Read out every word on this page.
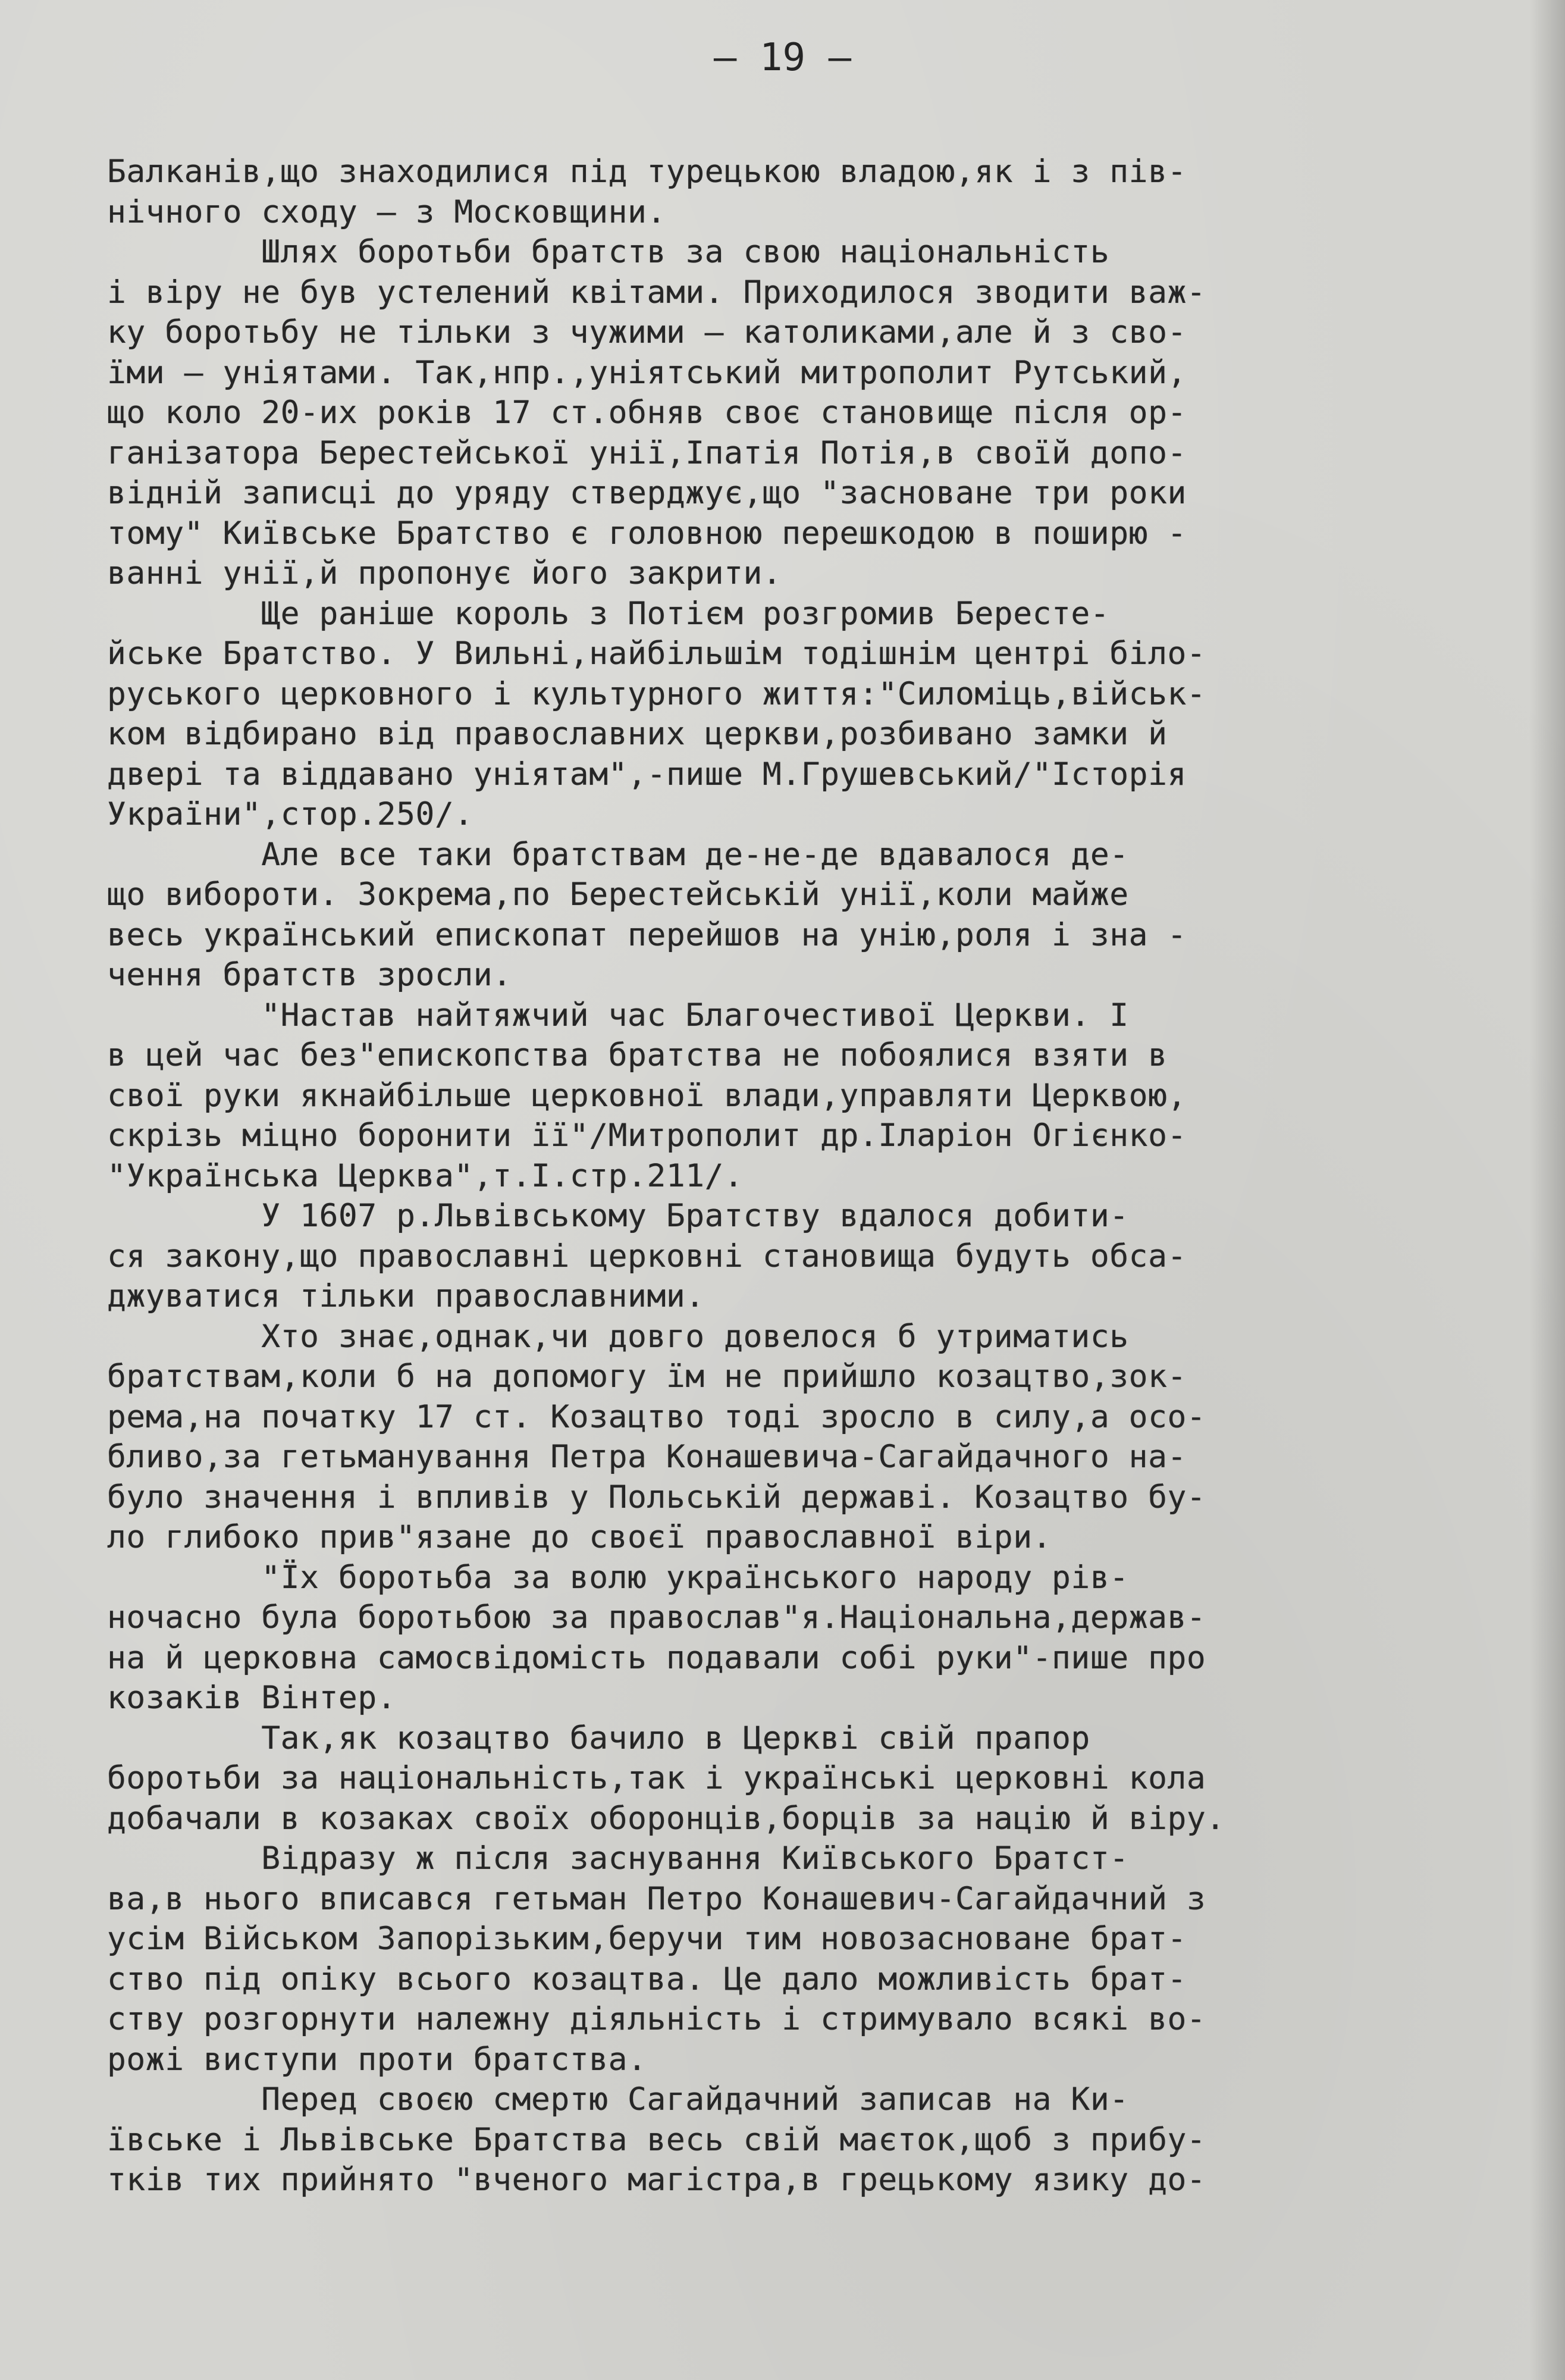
– 19 –

Балканів,що знаходилися під турецькою владою,як і з пів-
нічного сходу – з Московщини.
Шлях боротьби братств за свою національність
і віру не був устелений квітами. Приходилося зводити важ-
ку боротьбу не тільки з чужими – католиками,але й з сво-
їми – уніятами. Так,нпр.,уніятський митрополит Рутський,
що коло 20-их років 17 ст.обняв своє становище після ор-
ганізатора Берестейської унії,Іпатія Потія,в своїй допо-
відній записці до уряду стверджує,що "засноване три роки
тому" Київське Братство є головною перешкодою в поширю -
ванні унії,й пропонує його закрити.
Ще раніше король з Потієм розгромив Бересте-
йське Братство. У Вильні,найбільшім тодішнім центрі біло-
руського церковного і культурного життя:"Силоміць,військ-
ком відбирано від православних церкви,розбивано замки й
двері та віддавано уніятам",-пише М.Грушевський/"Історія
України",стор.250/.
Але все таки братствам де-не-де вдавалося де-
що вибороти. Зокрема,по Берестейській унії,коли майже
весь український епископат перейшов на унію,роля і зна -
чення братств зросли.
"Настав найтяжчий час Благочестивої Церкви. І
в цей час без"епископства братства не побоялися взяти в
свої руки якнайбільше церковної влади,управляти Церквою,
скрізь міцно боронити її"/Митрополит др.Іларіон Огієнко-
"Українська Церква",т.І.стр.211/.
У 1607 р.Львівському Братству вдалося добити-
ся закону,що православні церковні становища будуть обса-
джуватися тільки православними.
Хто знає,однак,чи довго довелося б утриматись
братствам,коли б на допомогу їм не прийшло козацтво,зок-
рема,на початку 17 ст. Козацтво тоді зросло в силу,а осо-
бливо,за гетьманування Петра Конашевича-Сагайдачного на-
було значення і впливів у Польській державі. Козацтво бу-
ло глибоко прив"язане до своєї православної віри.
"Їх боротьба за волю українського народу рів-
ночасно була боротьбою за православ"я.Національна,держав-
на й церковна самосвідомість подавали собі руки"-пише про
козаків Вінтер.
Так,як козацтво бачило в Церкві свій прапор
боротьби за національність,так і українські церковні кола
добачали в козаках своїх оборонців,борців за націю й віру.
Відразу ж після заснування Київського Братст-
ва,в нього вписався гетьман Петро Конашевич-Сагайдачний з
усім Військом Запорізьким,беручи тим новозасноване брат-
ство під опіку всього козацтва. Це дало можливість брат-
ству розгорнути належну діяльність і стримувало всякі во-
рожі виступи проти братства.
Перед своєю смертю Сагайдачний записав на Ки-
ївське і Львівське Братства весь свій маєток,щоб з прибу-
тків тих прийнято "вченого магістра,в грецькому язику до-
